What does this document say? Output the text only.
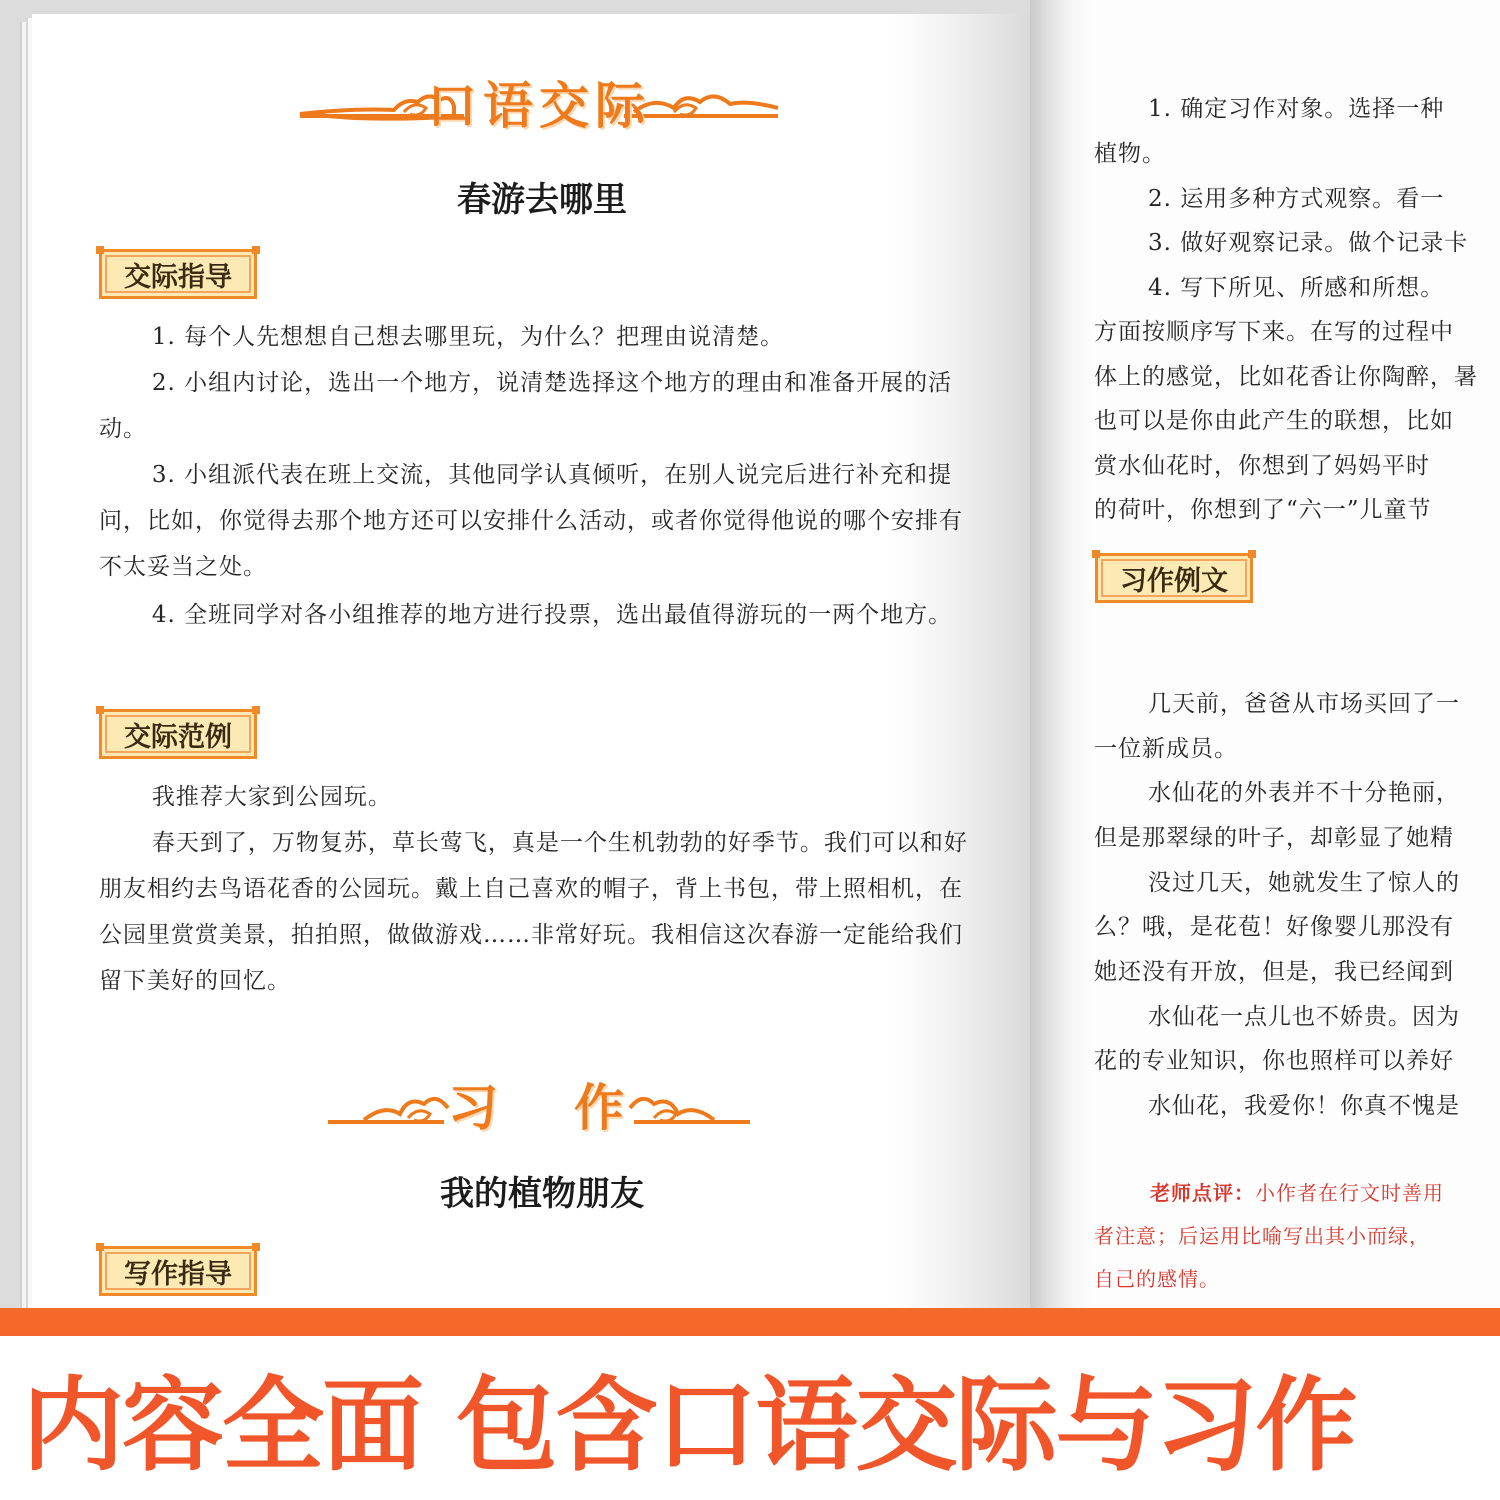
口语交际
春游去哪里
交际指导
1. 每个人先想想自己想去哪里玩，为什么？把理由说清楚。
2. 小组内讨论，选出一个地方，说清楚选择这个地方的理由和准备开展的活动。
3. 小组派代表在班上交流，其他同学认真倾听，在别人说完后进行补充和提问，比如，你觉得去那个地方还可以安排什么活动，或者你觉得他说的哪个安排有不太妥当之处。
4. 全班同学对各小组推荐的地方进行投票，选出最值得游玩的一两个地方。
交际范例
我推荐大家到公园玩。
春天到了，万物复苏，草长莺飞，真是一个生机勃勃的好季节。我们可以和好朋友相约去鸟语花香的公园玩。戴上自己喜欢的帽子，背上书包，带上照相机，在公园里赏赏美景，拍拍照，做做游戏……非常好玩。我相信这次春游一定能给我们留下美好的回忆。
习 作
我的植物朋友
写作指导
1. 确定习作对象。选择一种
植物。
2. 运用多种方式观察。看一
3. 做好观察记录。做个记录卡
4. 写下所见、所感和所想。
方面按顺序写下来。在写的过程中
体上的感觉，比如花香让你陶醉，暑
也可以是你由此产生的联想，比如
赏水仙花时，你想到了妈妈平时
的荷叶，你想到了“六一”儿童节
习作例文
几天前，爸爸从市场买回了一
一位新成员。
水仙花的外表并不十分艳丽，
但是那翠绿的叶子，却彰显了她精
没过几天，她就发生了惊人的
么？哦，是花苞！好像婴儿那没有
她还没有开放，但是，我已经闻到
水仙花一点儿也不娇贵。因为
花的专业知识，你也照样可以养好
水仙花，我爱你！你真不愧是
老师点评：小作者在行文时善用
者注意；后运用比喻写出其小而绿，
自己的感情。
内容全面 包含口语交际与习作
